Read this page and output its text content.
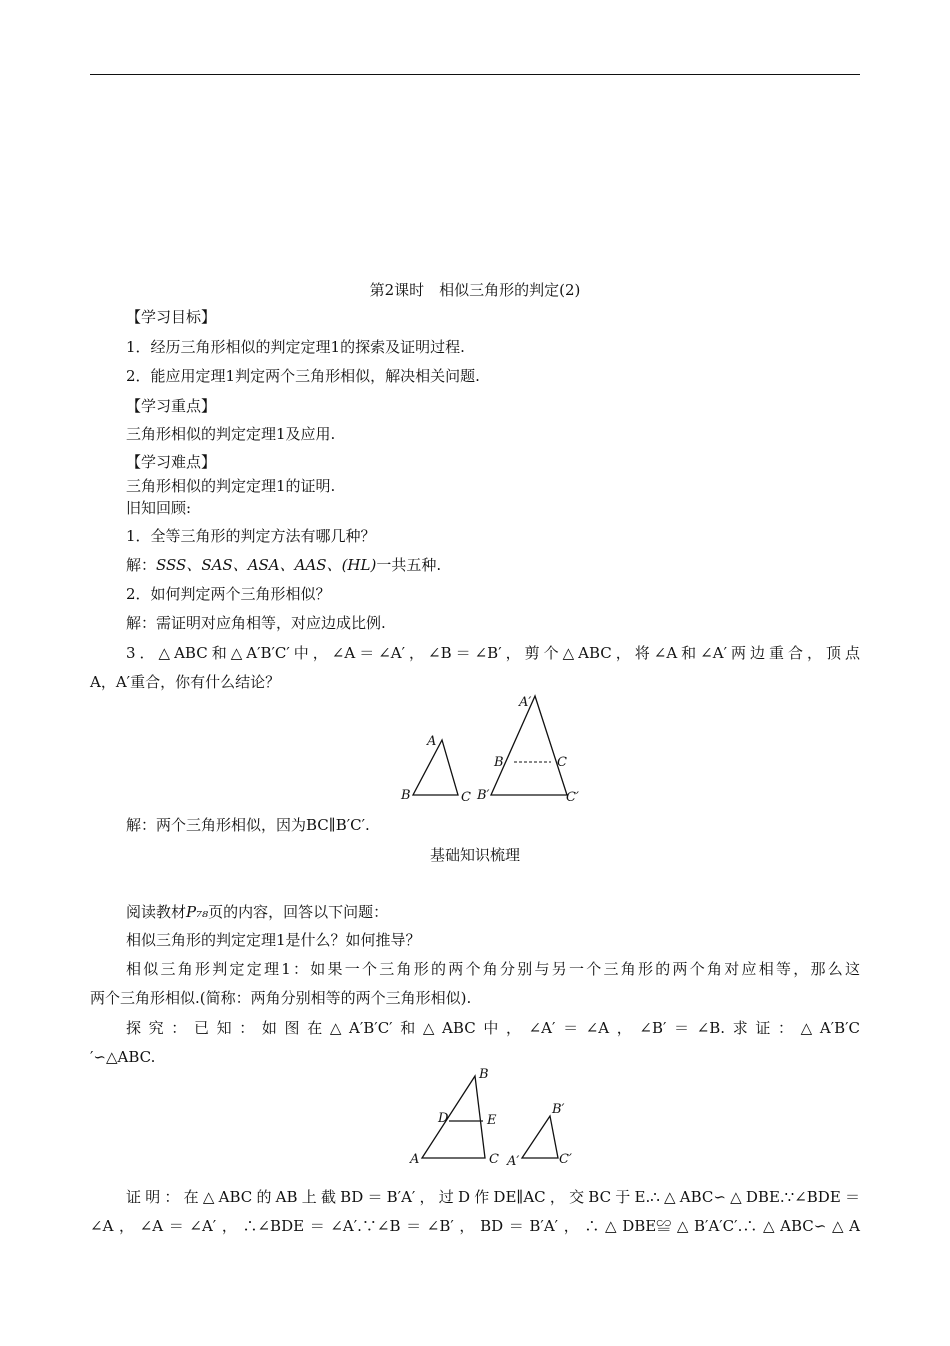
第2课时　相似三角形的判定(2)
【学习目标】
1．经历三角形相似的判定定理1的探索及证明过程.
2．能应用定理1判定两个三角形相似，解决相关问题.
【学习重点】
三角形相似的判定定理1及应用.
【学习难点】
三角形相似的判定定理1的证明.
旧知回顾:
1．全等三角形的判定方法有哪几种？
解：SSS、SAS、ASA、AAS、(HL)一共五种.
2．如何判定两个三角形相似？
解：需证明对应角相等，对应边成比例.
3．△ABC和△A′B′C′中，∠A＝∠A′，∠B＝∠B′，剪个△ABC，将∠A和∠A′两边重合，顶点
A，A′重合，你有什么结论？
A
B	C
A′
B	C
B′	C′
解：两个三角形相似，因为BC∥B′C′.
基础知识梳理
阅读教材P₇₈页的内容，回答以下问题：
相似三角形的判定定理1是什么？如何推导？
相似三角形判定定理1：如果一个三角形的两个角分别与另一个三角形的两个角对应相等，那么这
两个三角形相似.(简称：两角分别相等的两个三角形相似).
探究：已知：如图在△A′B′C′和△ABC中，∠A′＝∠A，∠B′＝∠B.求证：△A′B′C
′∽△ABC.
B
D	E
A	C
B′
A′	C′
证明：在△ABC的AB上截BD＝B′A′，过D作DE∥AC，交BC于E.∴△ABC∽△DBE.∵∠BDE＝
∠A，∠A＝∠A′，∴∠BDE＝∠A′.∵∠B＝∠B′，BD＝B′A′，∴△DBE≌△B′A′C′.∴△ABC∽△A
